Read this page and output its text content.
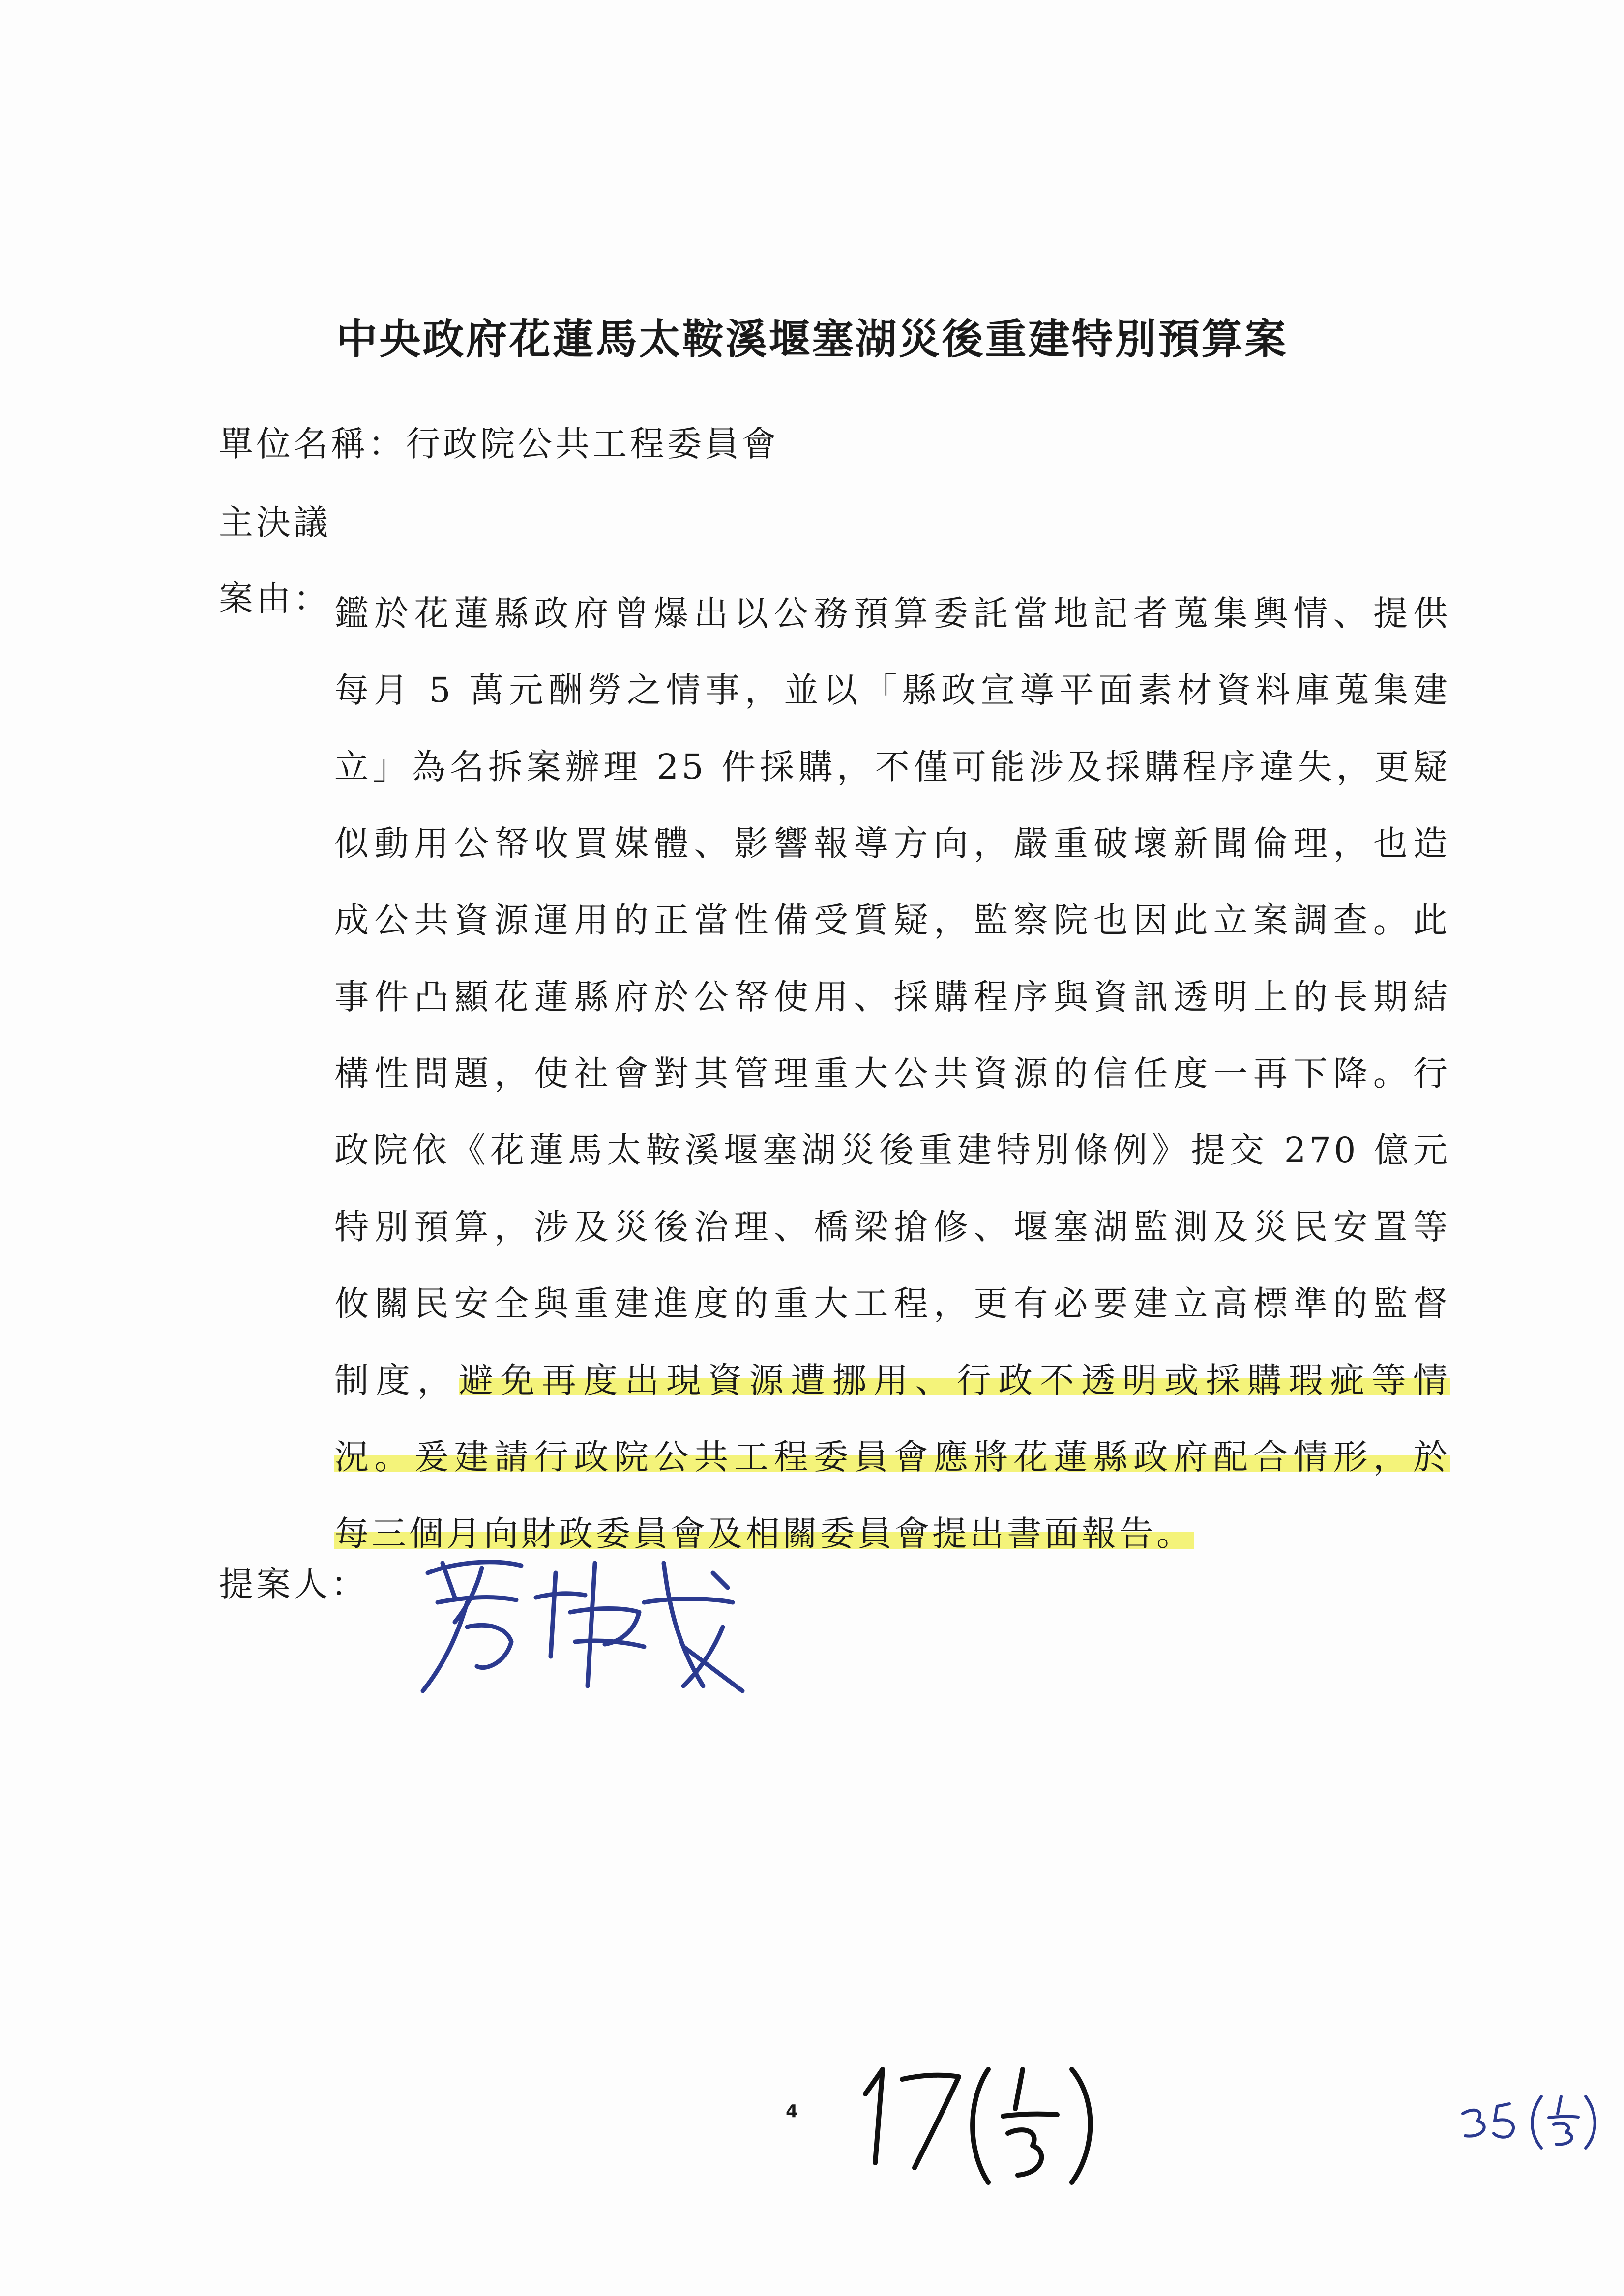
中央政府花蓮馬太鞍溪堰塞湖災後重建特別預算案
單位名稱：行政院公共工程委員會
主決議
案由： 鑑於花蓮縣政府曾爆出以公務預算委託當地記者蒐集輿情、提供
每月 5 萬元酬勞之情事，並以「縣政宣導平面素材資料庫蒐集建
立」為名拆案辦理 25 件採購，不僅可能涉及採購程序違失，更疑
似動用公帑收買媒體、影響報導方向，嚴重破壞新聞倫理，也造
成公共資源運用的正當性備受質疑，監察院也因此立案調查。此
事件凸顯花蓮縣府於公帑使用、採購程序與資訊透明上的長期結
構性問題，使社會對其管理重大公共資源的信任度一再下降。行
政院依《花蓮馬太鞍溪堰塞湖災後重建特別條例》提交 270 億元
特別預算，涉及災後治理、橋梁搶修、堰塞湖監測及災民安置等
攸關民安全與重建進度的重大工程，更有必要建立高標準的監督
制度，避免再度出現資源遭挪用、行政不透明或採購瑕疵等情
況。爰建請行政院公共工程委員會應將花蓮縣政府配合情形，於
每三個月向財政委員會及相關委員會提出書面報告。
提案人：
4
